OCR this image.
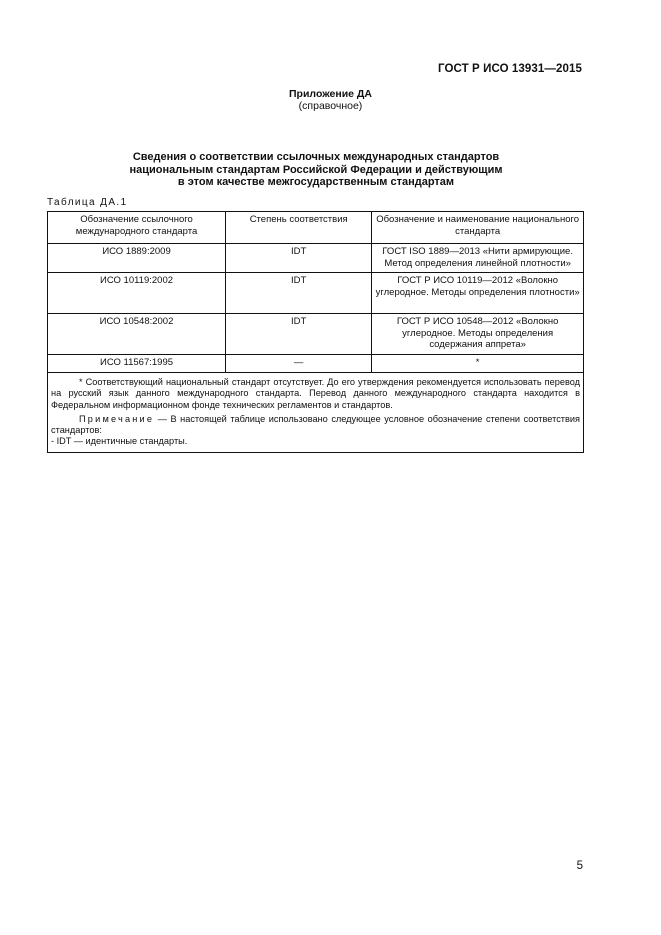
ГОСТ Р ИСО 13931—2015
Приложение ДА
(справочное)
Сведения о соответствии ссылочных международных стандартов
национальным стандартам Российской Федерации и действующим
в этом качестве межгосударственным стандартам
Таблица ДА.1
Обозначение ссылочного международного стандарта	Степень соответствия	Обозначение и наименование национального стандарта
ИСО 1889:2009	IDT	ГОСТ ISO 1889—2013 «Нити армирующие. Метод определения линейной плотности»
ИСО 10119:2002	IDT	ГОСТ Р ИСО 10119—2012 «Волокно углеродное. Методы определения плотности»
ИСО 10548:2002	IDT	ГОСТ Р ИСО 10548—2012 «Волокно углеродное. Методы определения содержания аппрета»
ИСО 11567:1995	—	*

* Соответствующий национальный стандарт отсутствует. До его утверждения рекомендуется использовать перевод на русский язык данного международного стандарта. Перевод данного международного стандарта находится в Федеральном информационном фонде технических регламентов и стандартов.

Примечание — В настоящей таблице использовано следующее условное обозначение степени соответствия стандартов:

- IDT — идентичные стандарты.		

5
